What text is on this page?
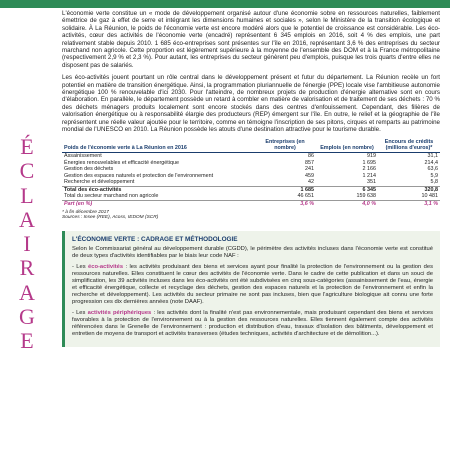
É
C
L
A
I
R
A
G
E

L'économie verte constitue un « mode de développement organisé autour d'une économie sobre en ressources naturelles, faiblement émettrice de gaz à effet de serre et intégrant les dimensions humaines et sociales », selon le Ministère de la transition écologique et solidaire. À La Réunion, le poids de l'économie verte est encore modéré alors que le potentiel de croissance est considérable. Les éco-activités, cœur des activités de l'économie verte (encadré) représentent 6 345 emplois en 2016, soit 4 % des emplois, une part relativement stable depuis 2010. 1 685 éco-entreprises sont présentes sur l'île en 2016, représentant 3,6 % des entreprises du secteur marchand non agricole. Cette proportion est légèrement supérieure à la moyenne de l'ensemble des DOM et à la France métropolitaine (respectivement 2,9 % et 2,3 %). Pour autant, les entreprises du secteur génèrent peu d'emplois, puisque les trois quarts d'entre elles ne disposent pas de salariés.

Les éco-activités jouent pourtant un rôle central dans le développement présent et futur du département. La Réunion recèle un fort potentiel en matière de transition énergétique. Ainsi, la programmation pluriannuelle de l'énergie (PPE) locale vise l'ambitieuse autonomie énergétique 100 % renouvelable d'ici 2030. Pour l'atteindre, de nombreux projets de production d'énergie alternative sont en cours d'élaboration. En parallèle, le département possède un retard à combler en matière de valorisation et de traitement de ses déchets : 70 % des déchets ménagers produits localement sont encore stockés dans des centres d'enfouissement. Cependant, des filières de valorisation énergétique ou à responsabilité élargie des producteurs (REP) émergent sur l'île. En outre, le relief et la géographie de l'île représentent une réelle valeur ajoutée pour le territoire, comme en témoigne l'inscription de ses pitons, cirques et remparts au patrimoine mondial de l'UNESCO en 2010. La Réunion possède les atouts d'une destination attractive pour le tourisme durable.

Poids de l'économie verte à La Réunion en 2016	Entreprises (en nombre)	Emplois (en nombre)	Encours de crédits (millions d'euros)*
Assainissement	86	919	31,1
Énergies renouvelables et efficacité énergétique	857	1 695	214,4
Gestion des déchets	241	2 166	63,6
Gestion des espaces naturels et protection de l'environnement	459	1 214	5,9
Recherche et développement	42	351	5,8
Total des éco-activités	1 685	6 345	320,8
Total du secteur marchand non agricole	46 651	159 638	10 481
Part (en %)	3,6 %	4,0 %	3,1 %
* à fin décembre 2017
Sources : Insee (REE), Acoss, IEDOM (SCR)
L'ÉCONOMIE VERTE : CADRAGE ET MÉTHODOLOGIE

Selon le Commissariat général au développement durable (CGDD), le périmètre des activités incluses dans l'économie verte est constitué de deux types d'activités identifiables par le biais leur code NAF :

- Les éco-activités : les activités produisant des biens et services ayant pour finalité la protection de l'environnement ou la gestion des ressources naturelles. Elles constituent le cœur des activités de l'économie verte. Dans le cadre de cette publication et dans un souci de simplification, les 39 activités incluses dans les éco-activités ont été subdivisées en cinq sous-catégories (assainissement de l'eau, énergie et efficacité énergétique, collecte et recyclage des déchets, gestion des espaces naturels et la protection de l'environnement et enfin la recherche et développement). Les activités du secteur primaire ne sont pas incluses, bien que l'agriculture biologique ait connu une forte progression ces dix dernières années (note DAAF).

- Les activités périphériques : les activités dont la finalité n'est pas environnementale, mais produisant cependant des biens et services favorables à la protection de l'environnement ou à la gestion des ressources naturelles. Elles tiennent également compte des activités référencées dans le Grenelle de l'environnement : production et distribution d'eau, travaux d'isolation des bâtiments, développement et entretien de moyens de transport et activités transverses (études techniques, activités d'architecture et de démolition...).
